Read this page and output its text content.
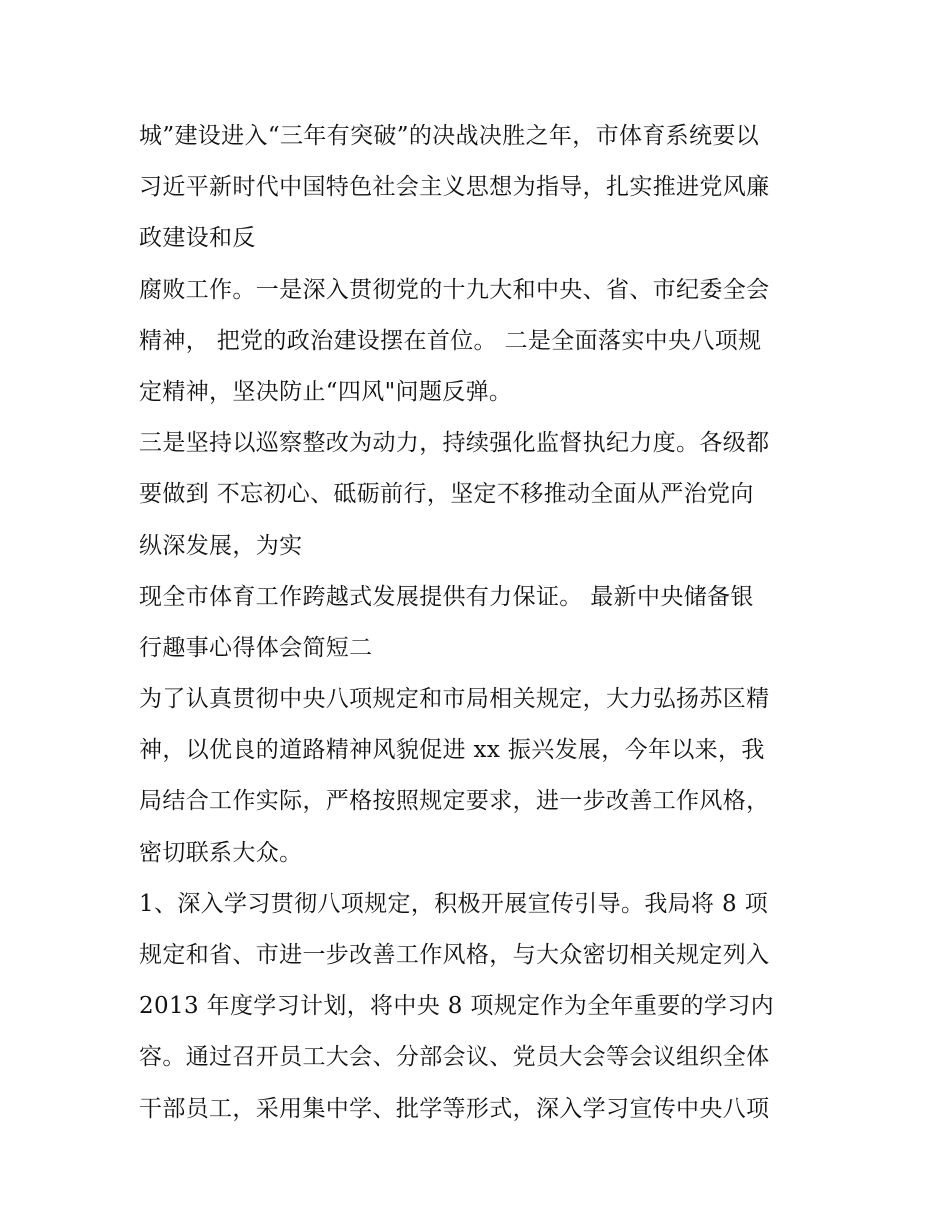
城”建设进入“三年有突破”的决战决胜之年，市体育系统要以
习近平新时代中国特色社会主义思想为指导，扎实推进党风廉
政建设和反
腐败工作。一是深入贯彻党的十九大和中央、省、市纪委全会
精神， 把党的政治建设摆在首位。 二是全面落实中央八项规
定精神，坚决防止“四风"问题反弹。
三是坚持以巡察整改为动力，持续强化监督执纪力度。各级都
要做到 不忘初心、砥砺前行，坚定不移推动全面从严治党向
纵深发展，为实
现全市体育工作跨越式发展提供有力保证。 最新中央储备银
行趣事心得体会简短二
为了认真贯彻中央八项规定和市局相关规定，大力弘扬苏区精
神，以优良的道路精神风貌促进 xx 振兴发展，今年以来，我
局结合工作实际，严格按照规定要求，进一步改善工作风格，
密切联系大众。
1、深入学习贯彻八项规定，积极开展宣传引导。我局将 8 项
规定和省、市进一步改善工作风格，与大众密切相关规定列入
2013 年度学习计划，将中央 8 项规定作为全年重要的学习内
容。通过召开员工大会、分部会议、党员大会等会议组织全体
干部员工，采用集中学、批学等形式，深入学习宣传中央八项
